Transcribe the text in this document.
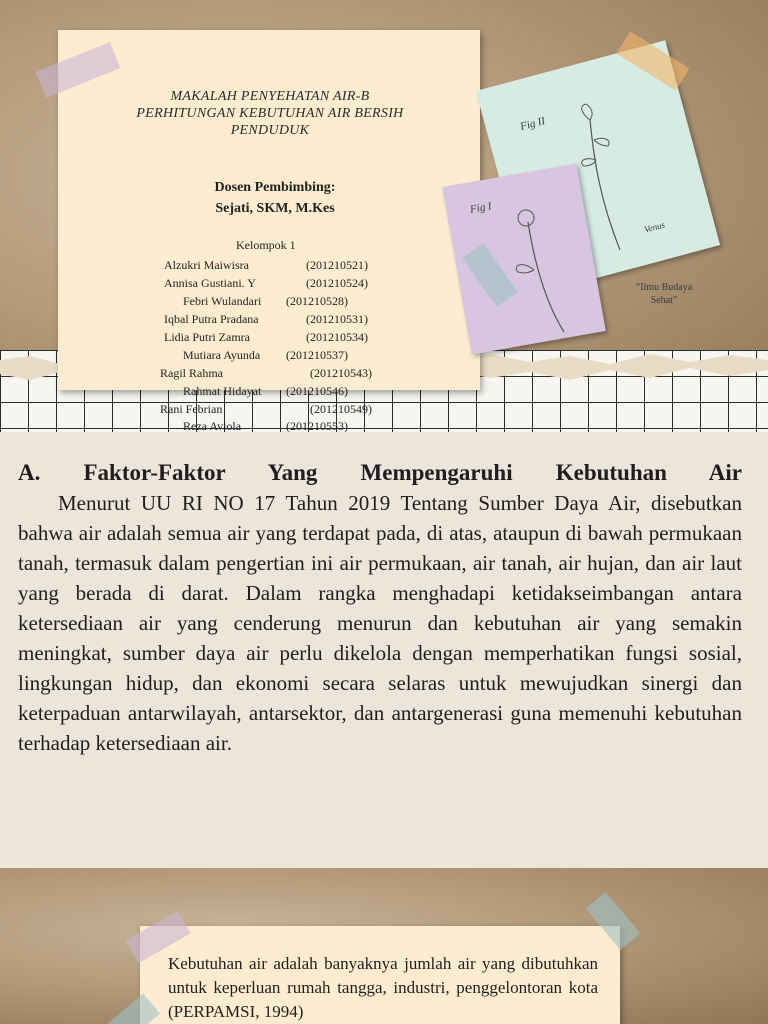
Fig II
Venus
Fig I
MAKALAH PENYEHATAN AIR-B
PERHITUNGAN KEBUTUHAN AIR BERSIH
PENDUDUK
Dosen Pembimbing:
Sejati, SKM, M.Kes
Kelompok 1
Alzukri Maiwisra	(201210521)
Annisa Gustiani. Y	(201210524)
Febri Wulandari (201210528)
Iqbal Putra Pradana	(201210531)
Lidia Putri Zamra	(201210534)
Mutiara Ayunda (201210537)
Ragil Rahma	(201210543)
Rahmat Hidayat (201210546)
Rani Febrian	(201210549)
Reza Aviola	(201210553)
“Ilmu Budaya Sehat”
A. Faktor-Faktor Yang Mempengaruhi Kebutuhan Air
Menurut UU RI NO 17 Tahun 2019 Tentang Sumber Daya Air, disebutkan bahwa air adalah semua air yang terdapat pada, di atas, ataupun di bawah permukaan tanah, termasuk dalam pengertian ini air permukaan, air tanah, air hujan, dan air laut yang berada di darat. Dalam rangka menghadapi ketidakseimbangan antara ketersediaan air yang cenderung menurun dan kebutuhan air yang semakin meningkat, sumber daya air perlu dikelola dengan memperhatikan fungsi sosial, lingkungan hidup, dan ekonomi secara selaras untuk mewujudkan sinergi dan keterpaduan antarwilayah, antarsektor, dan antargenerasi guna memenuhi kebutuhan terhadap ketersediaan air.
Kebutuhan air adalah banyaknya jumlah air yang dibutuhkan untuk keperluan rumah tangga, industri, penggelontoran kota (PERPAMSI, 1994)
